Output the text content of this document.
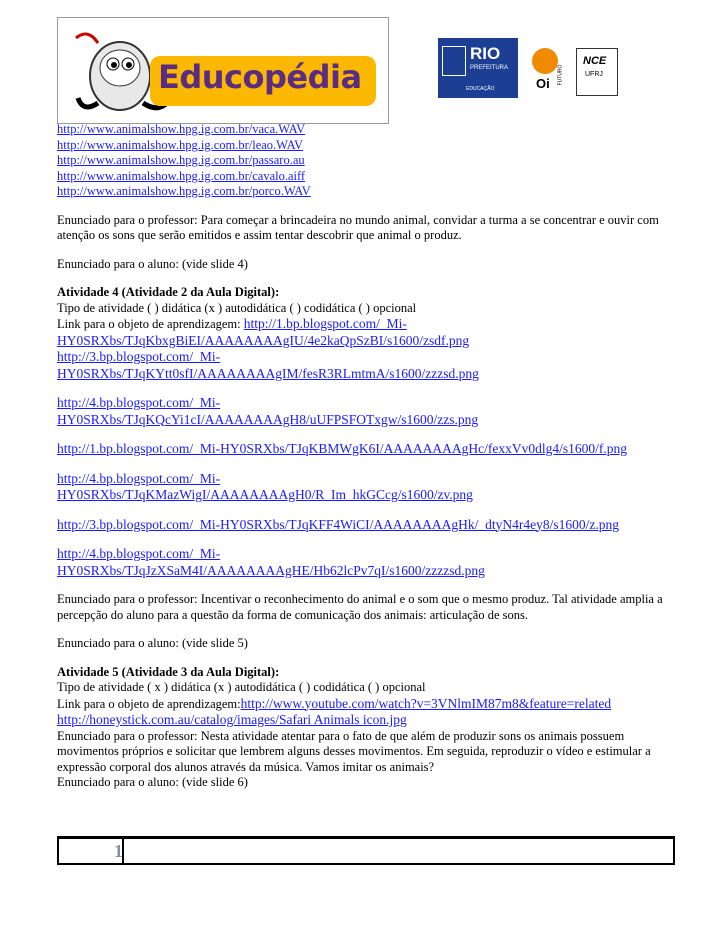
Educopédia
RIO
PREFEITURA
EDUCAÇÃO	Oi FUTURO
NCE
UFRJ

http://www.animalshow.hpg.ig.com.br/vaca.WAV

http://www.animalshow.hpg.ig.com.br/leao.WAV

http://www.animalshow.hpg.ig.com.br/passaro.au

http://www.animalshow.hpg.ig.com.br/cavalo.aiff

http://www.animalshow.hpg.ig.com.br/porco.WAV

Enunciado para o professor: Para começar a brincadeira no mundo animal, convidar a turma a se concentrar e ouvir com atenção os sons que serão emitidos e assim tentar descobrir que animal o produz.

Enunciado para o aluno: (vide slide 4)

Atividade 4 (Atividade 2 da Aula Digital):

Tipo de atividade ( ) didática (x ) autodidática ( ) codidática ( ) opcional

Link para o objeto de aprendizagem: http://1.bp.blogspot.com/_Mi-

HY0SRXbs/TJqKbxgBiEI/AAAAAAAAgIU/4e2kaQpSzBI/s1600/zsdf.png

http://3.bp.blogspot.com/_Mi-

HY0SRXbs/TJqKYtt0sfI/AAAAAAAAgIM/fesR3RLmtmA/s1600/zzzsd.png

http://4.bp.blogspot.com/_Mi-

HY0SRXbs/TJqKQcYi1cI/AAAAAAAAgH8/uUFPSFOTxgw/s1600/zzs.png

http://1.bp.blogspot.com/_Mi-HY0SRXbs/TJqKBMWgK6I/AAAAAAAAgHc/fexxVv0dlg4/s1600/f.png

http://4.bp.blogspot.com/_Mi-

HY0SRXbs/TJqKMazWigI/AAAAAAAAgH0/R_Im_hkGCcg/s1600/zv.png

http://3.bp.blogspot.com/_Mi-HY0SRXbs/TJqKFF4WiCI/AAAAAAAAgHk/_dtyN4r4ey8/s1600/z.png

http://4.bp.blogspot.com/_Mi-

HY0SRXbs/TJqJzXSaM4I/AAAAAAAAgHE/Hb62lcPv7qI/s1600/zzzzsd.png

Enunciado para o professor: Incentivar o reconhecimento do animal e o som que o mesmo produz. Tal atividade amplia a percepção do aluno para a questão da forma de comunicação dos animais: articulação de sons.

Enunciado para o aluno: (vide slide 5)

Atividade 5 (Atividade 3 da Aula Digital):

Tipo de atividade ( x ) didática (x ) autodidática ( ) codidática ( ) opcional

Link para o objeto de aprendizagem:http://www.youtube.com/watch?v=3VNlmIM87m8&feature=related

http://honeystick.com.au/catalog/images/Safari Animals icon.jpg

Enunciado para o professor: Nesta atividade atentar para o fato de que além de produzir sons os animais possuem movimentos próprios e solicitar que lembrem alguns desses movimentos. Em seguida, reproduzir o vídeo e estimular a expressão corporal dos alunos através da música. Vamos imitar os animais?

Enunciado para o aluno: (vide slide 6)

1
